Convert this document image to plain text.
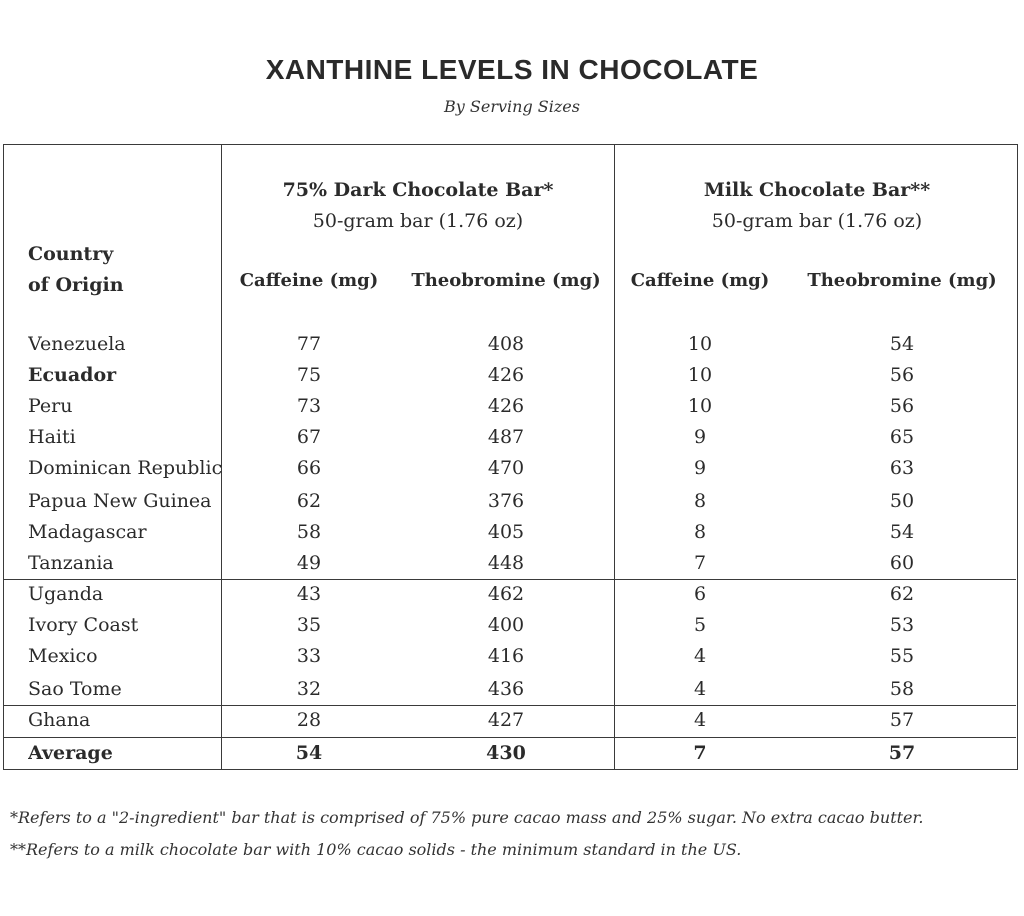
XANTHINE LEVELS IN CHOCOLATE
By Serving Sizes
75% Dark Chocolate Bar*
50-gram bar (1.76 oz)
Milk Chocolate Bar**
50-gram bar (1.76 oz)
Country
of Origin	Caffeine (mg)	Theobromine (mg)	Caffeine (mg)	Theobromine (mg)
Venezuela	77	408	10	54
Ecuador	75	426	10	56
Peru	73	426	10	56
Haiti	67	487	9	65
Dominican Republic	66	470	9	63
Papua New Guinea	62	376	8	50
Madagascar	58	405	8	54
Tanzania	49	448	7	60
Uganda	43	462	6	62
Ivory Coast	35	400	5	53
Mexico	33	416	4	55
Sao Tome	32	436	4	58
Ghana	28	427	4	57
Average	54	430	7	57
*Refers to a "2-ingredient" bar that is comprised of 75% pure cacao mass and 25% sugar. No extra cacao butter.
**Refers to a milk chocolate bar with 10% cacao solids - the minimum standard in the US.
